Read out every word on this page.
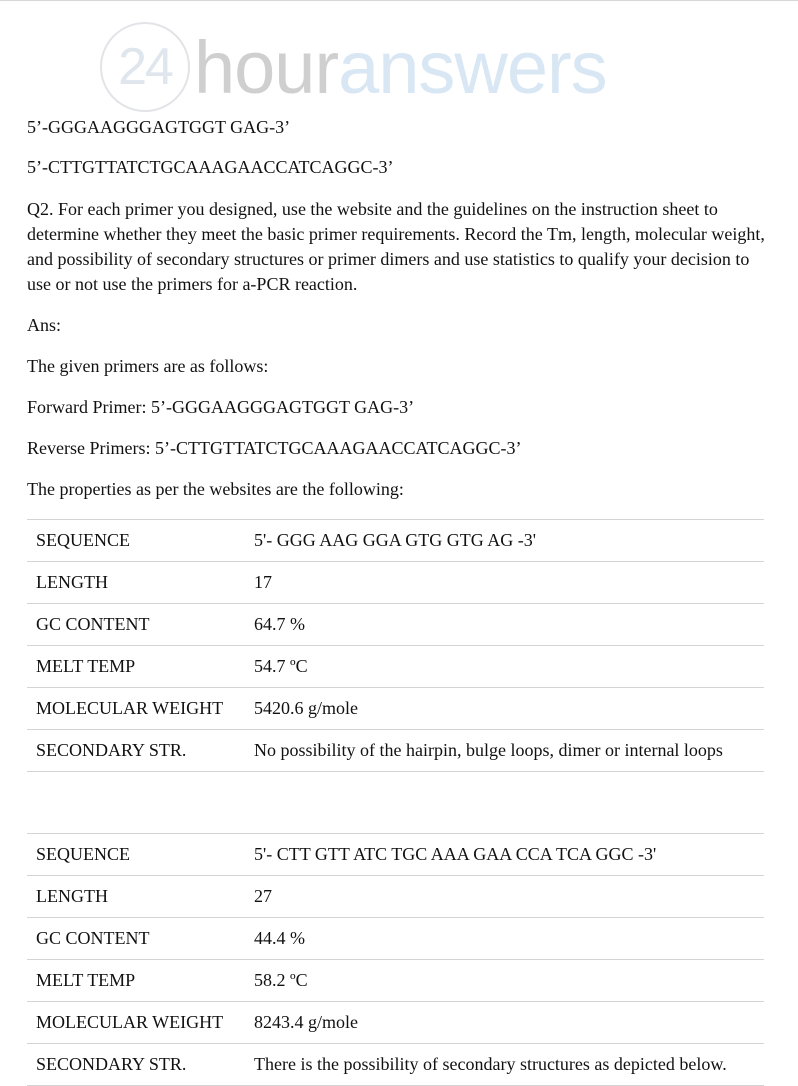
24 hour answers

5’-GGGAAGGGAGTGGT GAG-3’

5’-CTTGTTATCTGCAAAGAACCATCAGGC-3’

Q2. For each primer you designed, use the website and the guidelines on the instruction sheet to determine whether they meet the basic primer requirements. Record the Tm, length, molecular weight, and possibility of secondary structures or primer dimers and use statistics to qualify your decision to use or not use the primers for a-PCR reaction.

Ans:

The given primers are as follows:

Forward Primer: 5’-GGGAAGGGAGTGGT GAG-3’

Reverse Primers: 5’-CTTGTTATCTGCAAAGAACCATCAGGC-3’

The properties as per the websites are the following:

SEQUENCE	5'- GGG AAG GGA GTG GTG AG -3'
LENGTH	17
GC CONTENT	64.7 %
MELT TEMP	54.7 ºC
MOLECULAR WEIGHT	5420.6 g/mole
SECONDARY STR.	No possibility of the hairpin, bulge loops, dimer or internal loops
SEQUENCE	5'- CTT GTT ATC TGC AAA GAA CCA TCA GGC -3'
LENGTH	27
GC CONTENT	44.4 %
MELT TEMP	58.2 ºC
MOLECULAR WEIGHT	8243.4 g/mole
SECONDARY STR.	There is the possibility of secondary structures as depicted below.
